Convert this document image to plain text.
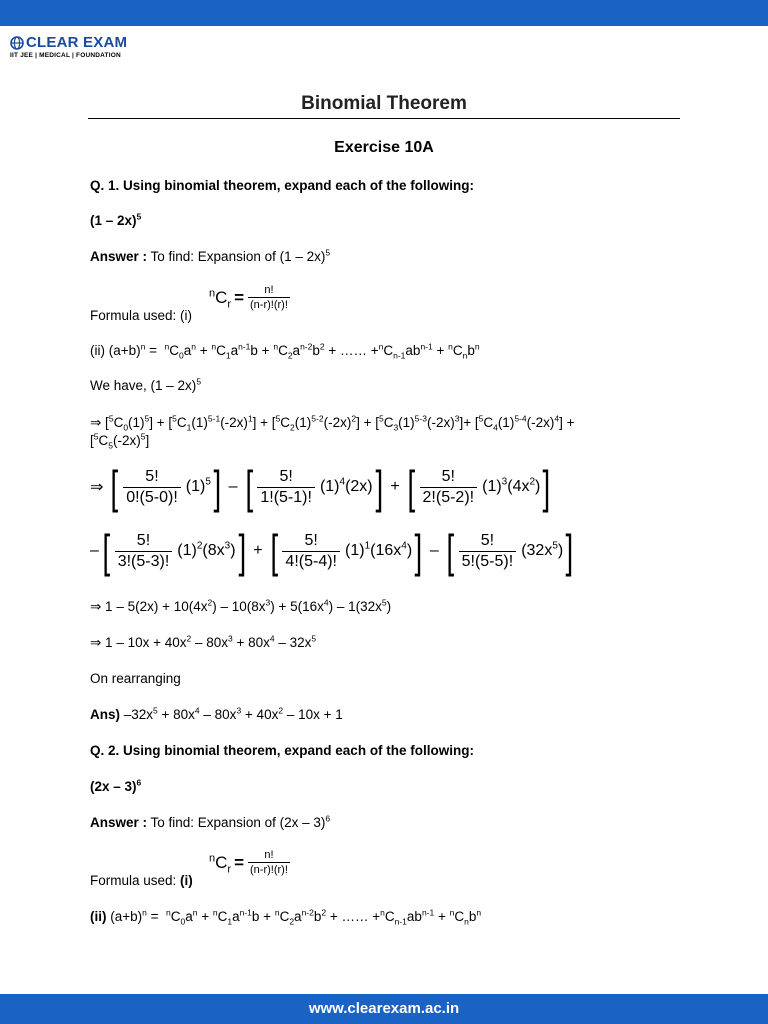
CLEAR EXAM
IIT JEE | MEDICAL | FOUNDATION
Binomial Theorem
Exercise 10A
Q. 1. Using binomial theorem, expand each of the following:
(1 – 2x)$^5$
Answer : To find: Expansion of (1 – 2x)$^5$
$^nC_r = \frac{n!}{(n-r)!(r)!}$
Formula used: (i)
(ii) $(a+b)^n = ^nC_0a^n + ^nC_1a^{n-1}b + ^nC_2a^{n-2}b^2$ + …… $+^nC_{n-1}ab^{n-1} + ^nC_nb^n$
We have, (1 – 2x)$^5$
⇒ $[^5C_0(1)^5] + [^5C_1(1)^{5-1}(-2x)^1] + [^5C_2(1)^{5-2}(-2x)^2] + [^5C_3(1)^{5-3}(-2x)^3]+ [^5C_4(1)^{5-4}(-2x)^4]$ +
$[^5C_5(-2x)^5]$
⇒ [ $\frac{5!}{0!(5-0)!} (1)^5$ ] – [ $\frac{5!}{1!(5-1)!} (1)^4(2x)$ ] + [ $\frac{5!}{2!(5-2)!} (1)^3(4x^2)$ ]
– [ $\frac{5!}{3!(5-3)!} (1)^2(8x^3)$ ] + [ $\frac{5!}{4!(5-4)!} (1)^1(16x^4)$ ] – [ $\frac{5!}{5!(5-5)!} (32x^5)$ ]
⇒ $1 - 5(2x) + 10(4x^2) - 10(8x^3) + 5(16x^4) - 1(32x^5)$
⇒ $1 - 10x + 40x^2 - 80x^3 + 80x^4 - 32x^5$
On rearranging
Ans) $-32x^5 + 80x^4 - 80x^3 + 40x^2 - 10x + 1$
Q. 2. Using binomial theorem, expand each of the following:
(2x – 3)$^6$
Answer : To find: Expansion of (2x – 3)$^6$
$^nC_r = \frac{n!}{(n-r)!(r)!}$
Formula used: (i)
(ii) $(a+b)^n = ^nC_0a^n + ^nC_1a^{n-1}b + ^nC_2a^{n-2}b^2$ + …… $+^nC_{n-1}ab^{n-1} + ^nC_nb^n$
www.clearexam.ac.in
